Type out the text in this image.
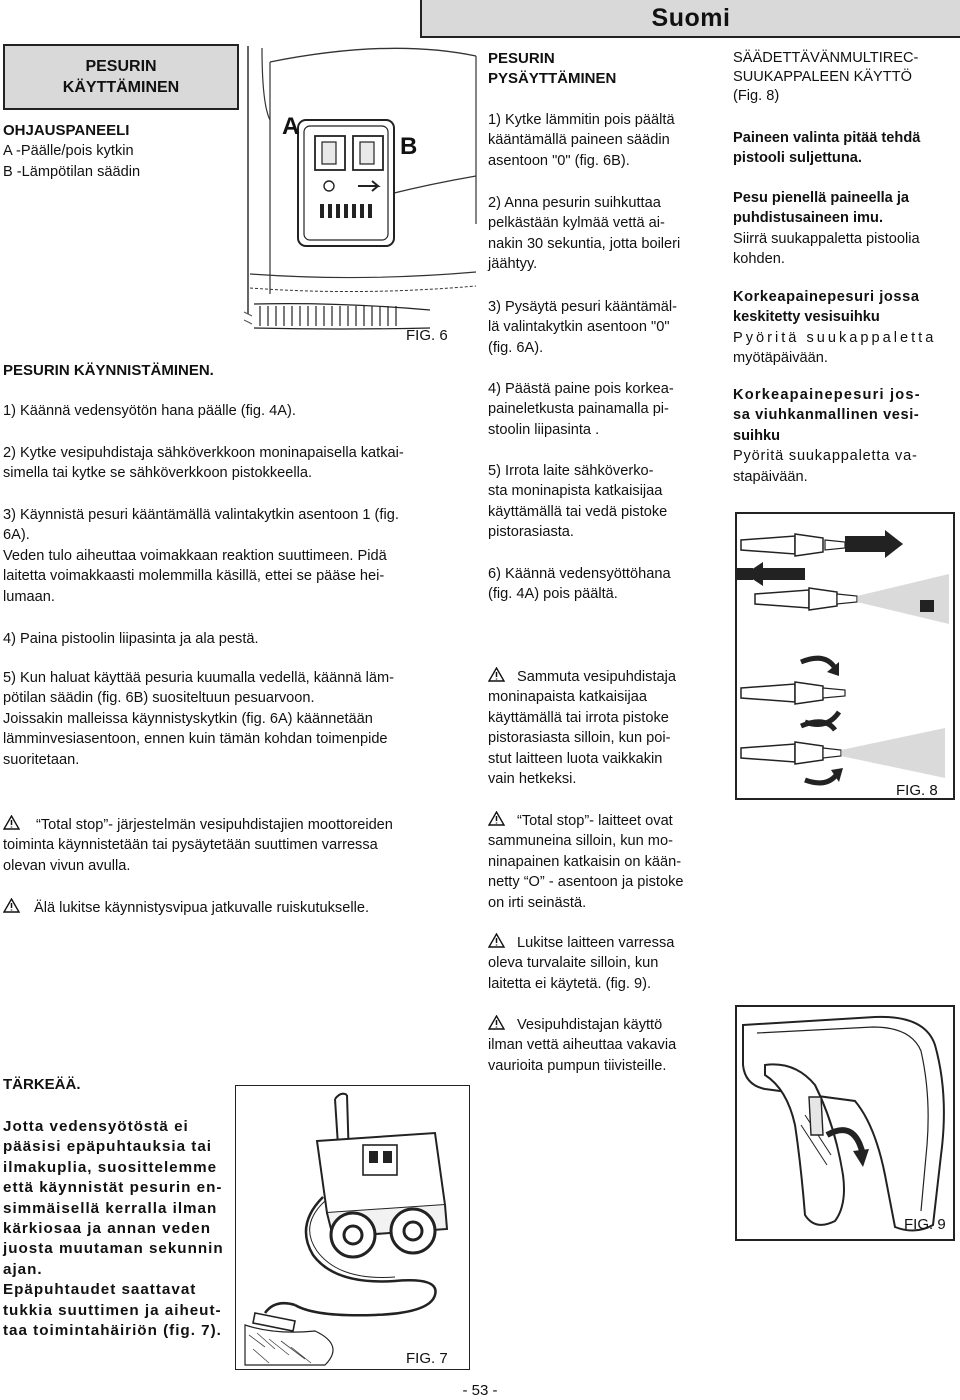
Suomi
PESURIN
KÄYTTÄMINEN
OHJAUSPANEELI
A -Päälle/pois kytkin
B -Lämpötilan säädin
A
B
FIG. 6
PESURIN KÄYNNISTÄMINEN.
1) Käännä vedensyötön hana päälle (fig. 4A).
2) Kytke vesipuhdistaja sähköverkkoon moninapaisella katkai-
simella tai kytke se sähköverkkoon pistokkeella.
3) Käynnistä pesuri kääntämällä valintakytkin asentoon 1 (fig.
6A).
Veden tulo aiheuttaa voimakkaan reaktion suuttimeen. Pidä
laitetta voimakkaasti molemmilla käsillä, ettei se pääse hei-
lumaan.
4) Paina pistoolin liipasinta ja ala pestä.
5) Kun haluat käyttää pesuria kuumalla vedellä, käännä läm-
pötilan säädin (fig. 6B) suositeltuun pesuarvoon.
Joissakin malleissa käynnistyskytkin (fig. 6A) käännetään
lämminvesiasentoon, ennen kuin tämän kohdan toimenpide
suoritetaan.
“Total stop”- järjestelmän vesipuhdistajien moottoreiden
toiminta käynnistetään tai pysäytetään suuttimen varressa
olevan vivun avulla.
Älä lukitse käynnistysvipua jatkuvalle ruiskutukselle.
TÄRKEÄÄ.
Jotta vedensyötöstä ei
pääsisi epäpuhtauksia tai
ilmakuplia, suosittelemme
että käynnistät pesurin en-
simmäisellä kerralla ilman
kärkiosaa ja annan veden
juosta muutaman sekunnin
ajan.
Epäpuhtaudet saattavat
tukkia suuttimen ja aiheut-
taa toimintahäiriön (fig. 7).
FIG. 7
PESURIN
PYSÄYTTÄMINEN
1) Kytke lämmitin pois päältä
kääntämällä paineen säädin
asentoon "0" (fig. 6B).
2) Anna pesurin suihkuttaa
pelkästään kylmää vettä ai-
nakin 30 sekuntia, jotta boileri
jäähtyy.
3) Pysäytä pesuri kääntämäl-
lä valintakytkin asentoon "0"
(fig. 6A).
4) Päästä paine pois korkea-
paineletkusta painamalla pi-
stoolin liipasinta .
5) Irrota laite sähköverko-
sta moninapista katkaisijaa
käyttämällä tai vedä pistoke
pistorasiasta.
6) Käännä vedensyöttöhana
(fig. 4A) pois päältä.
Sammuta vesipuhdistaja
moninapaista katkaisijaa
käyttämällä tai irrota pistoke
pistorasiasta silloin, kun poi-
stut laitteen luota vaikkakin
vain hetkeksi.
“Total stop”- laitteet ovat
sammuneina silloin, kun mo-
ninapainen katkaisin on kään-
netty “O” - asentoon ja pistoke
on irti seinästä.
Lukitse laitteen varressa
oleva turvalaite silloin, kun
laitetta ei käytetä. (fig. 9).
Vesipuhdistajan käyttö
ilman vettä aiheuttaa vakavia
vaurioita pumpun tiivisteille.
SÄÄDETTÄVÄNMULTIREC-
SUUKAPPALEEN KÄYTTÖ
(Fig. 8)
Paineen valinta pitää tehdä
pistooli suljettuna.
Pesu pienellä paineella ja
puhdistusaineen imu.
Siirrä suukappaletta pistoolia
kohden.
Korkeapainepesuri jossa
keskitetty vesisuihku
Pyöritä suukappaletta
myötäpäivään.
Korkeapainepesuri jos-
sa viuhkanmallinen vesi-
suihku
Pyöritä suukappaletta va-
stapäivään.
FIG. 8
FIG. 9
- 53 -
